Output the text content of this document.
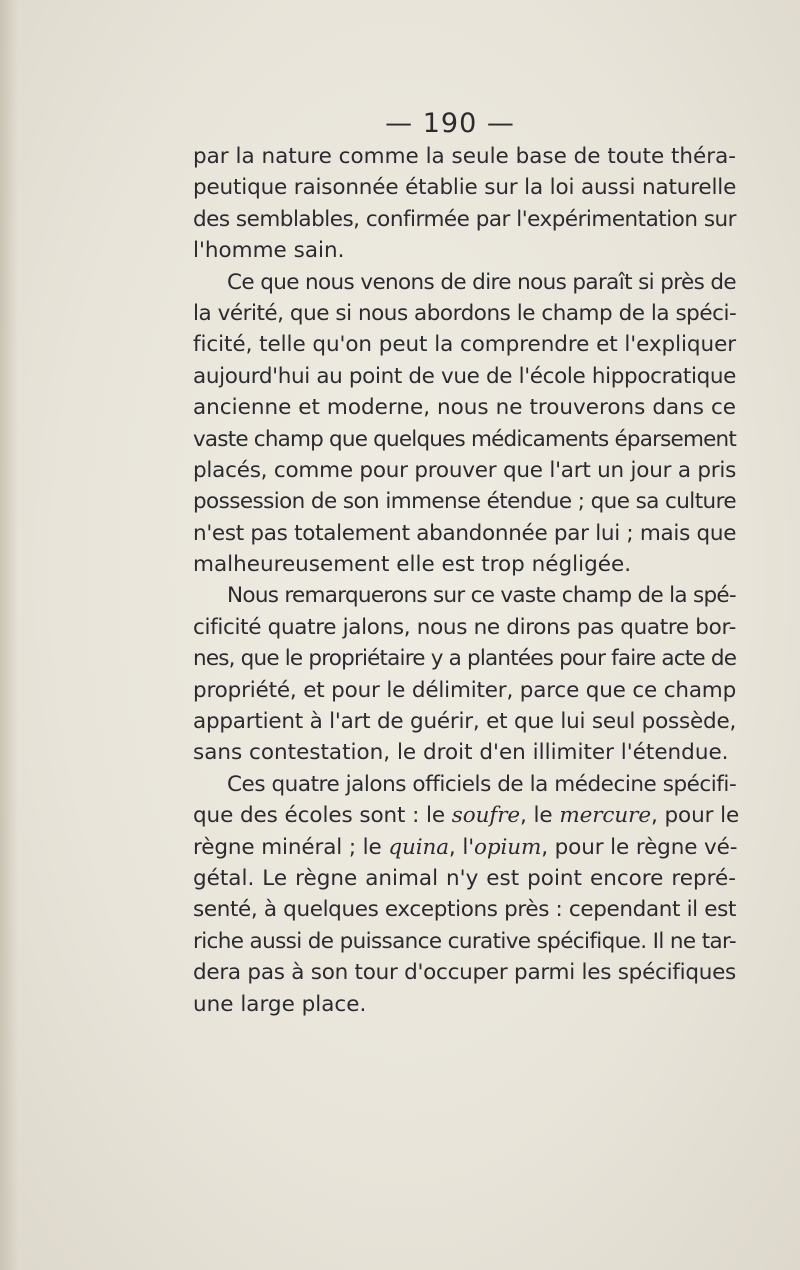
— 190 —
par la nature comme la seule base de toute théra-
peutique raisonnée établie sur la loi aussi naturelle
des semblables, confirmée par l'expérimentation sur
l'homme sain.
Ce que nous venons de dire nous paraît si près de
la vérité, que si nous abordons le champ de la spéci-
ficité, telle qu'on peut la comprendre et l'expliquer
aujourd'hui au point de vue de l'école hippocratique
ancienne et moderne, nous ne trouverons dans ce
vaste champ que quelques médicaments éparsement
placés, comme pour prouver que l'art un jour a pris
possession de son immense étendue ; que sa culture
n'est pas totalement abandonnée par lui ; mais que
malheureusement elle est trop négligée.
Nous remarquerons sur ce vaste champ de la spé-
cificité quatre jalons, nous ne dirons pas quatre bor-
nes, que le propriétaire y a plantées pour faire acte de
propriété, et pour le délimiter, parce que ce champ
appartient à l'art de guérir, et que lui seul possède,
sans contestation, le droit d'en illimiter l'étendue.
Ces quatre jalons officiels de la médecine spécifi-
que des écoles sont : le soufre, le mercure, pour le
règne minéral ; le quina, l'opium, pour le règne vé-
gétal. Le règne animal n'y est point encore repré-
senté, à quelques exceptions près : cependant il est
riche aussi de puissance curative spécifique. Il ne tar-
dera pas à son tour d'occuper parmi les spécifiques
une large place.
